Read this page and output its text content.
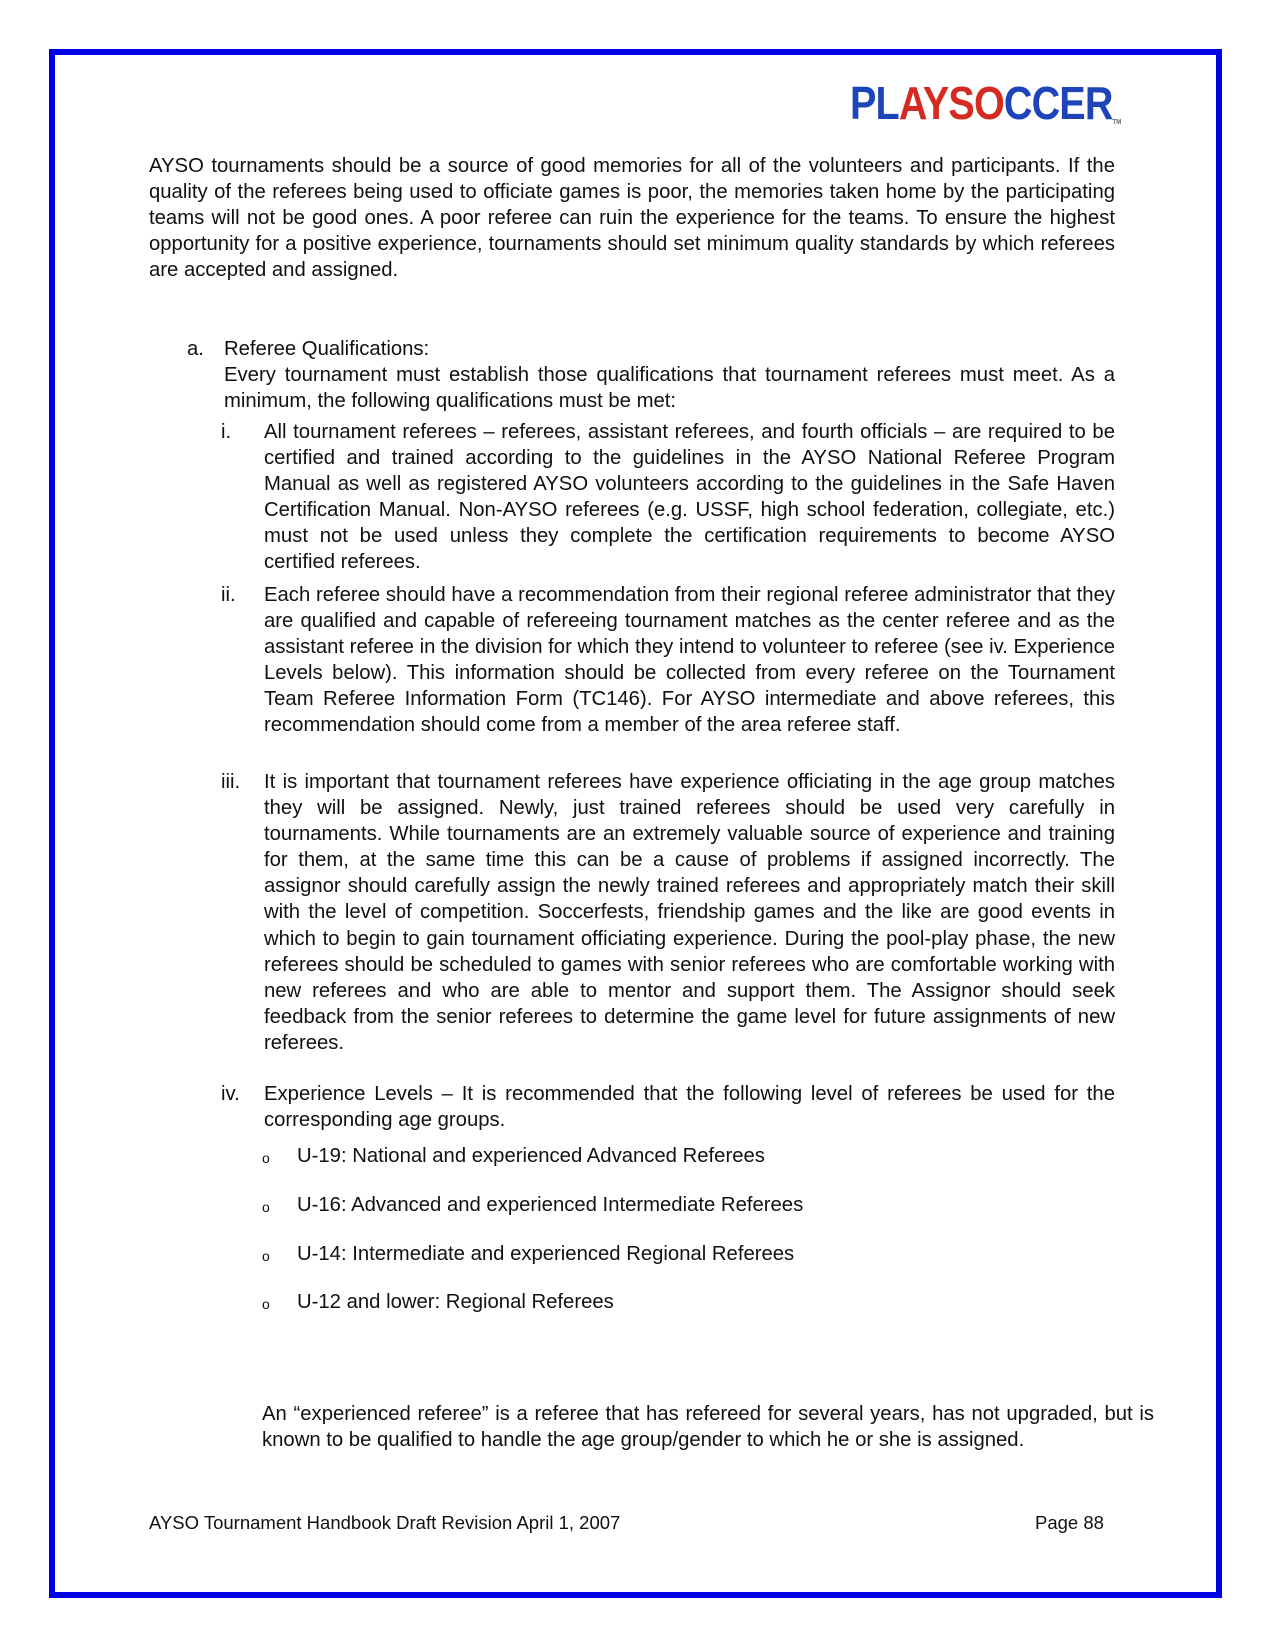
PLAYSOCCERTM
AYSO tournaments should be a source of good memories for all of the volunteers and participants. If the quality of the referees being used to officiate games is poor, the memories taken home by the participating teams will not be good ones. A poor referee can ruin the experience for the teams. To ensure the highest opportunity for a positive experience, tournaments should set minimum quality standards by which referees are accepted and assigned.
a. Referee Qualifications:
Every tournament must establish those qualifications that tournament referees must meet. As a minimum, the following qualifications must be met:
i. All tournament referees – referees, assistant referees, and fourth officials – are required to be certified and trained according to the guidelines in the AYSO National Referee Program Manual as well as registered AYSO volunteers according to the guidelines in the Safe Haven Certification Manual. Non-AYSO referees (e.g. USSF, high school federation, collegiate, etc.) must not be used unless they complete the certification requirements to become AYSO certified referees.
ii. Each referee should have a recommendation from their regional referee administrator that they are qualified and capable of refereeing tournament matches as the center referee and as the assistant referee in the division for which they intend to volunteer to referee (see iv. Experience Levels below). This information should be collected from every referee on the Tournament Team Referee Information Form (TC146). For AYSO intermediate and above referees, this recommendation should come from a member of the area referee staff.
iii. It is important that tournament referees have experience officiating in the age group matches they will be assigned. Newly, just trained referees should be used very carefully in tournaments. While tournaments are an extremely valuable source of experience and training for them, at the same time this can be a cause of problems if assigned incorrectly. The assignor should carefully assign the newly trained referees and appropriately match their skill with the level of competition. Soccerfests, friendship games and the like are good events in which to begin to gain tournament officiating experience. During the pool-play phase, the new referees should be scheduled to games with senior referees who are comfortable working with new referees and who are able to mentor and support them. The Assignor should seek feedback from the senior referees to determine the game level for future assignments of new referees.
iv. Experience Levels – It is recommended that the following level of referees be used for the corresponding age groups.
o U-19: National and experienced Advanced Referees
o U-16: Advanced and experienced Intermediate Referees
o U-14: Intermediate and experienced Regional Referees
o U-12 and lower: Regional Referees
An “experienced referee” is a referee that has refereed for several years, has not upgraded, but is known to be qualified to handle the age group/gender to which he or she is assigned.
AYSO Tournament Handbook Draft Revision April 1, 2007	Page 88
